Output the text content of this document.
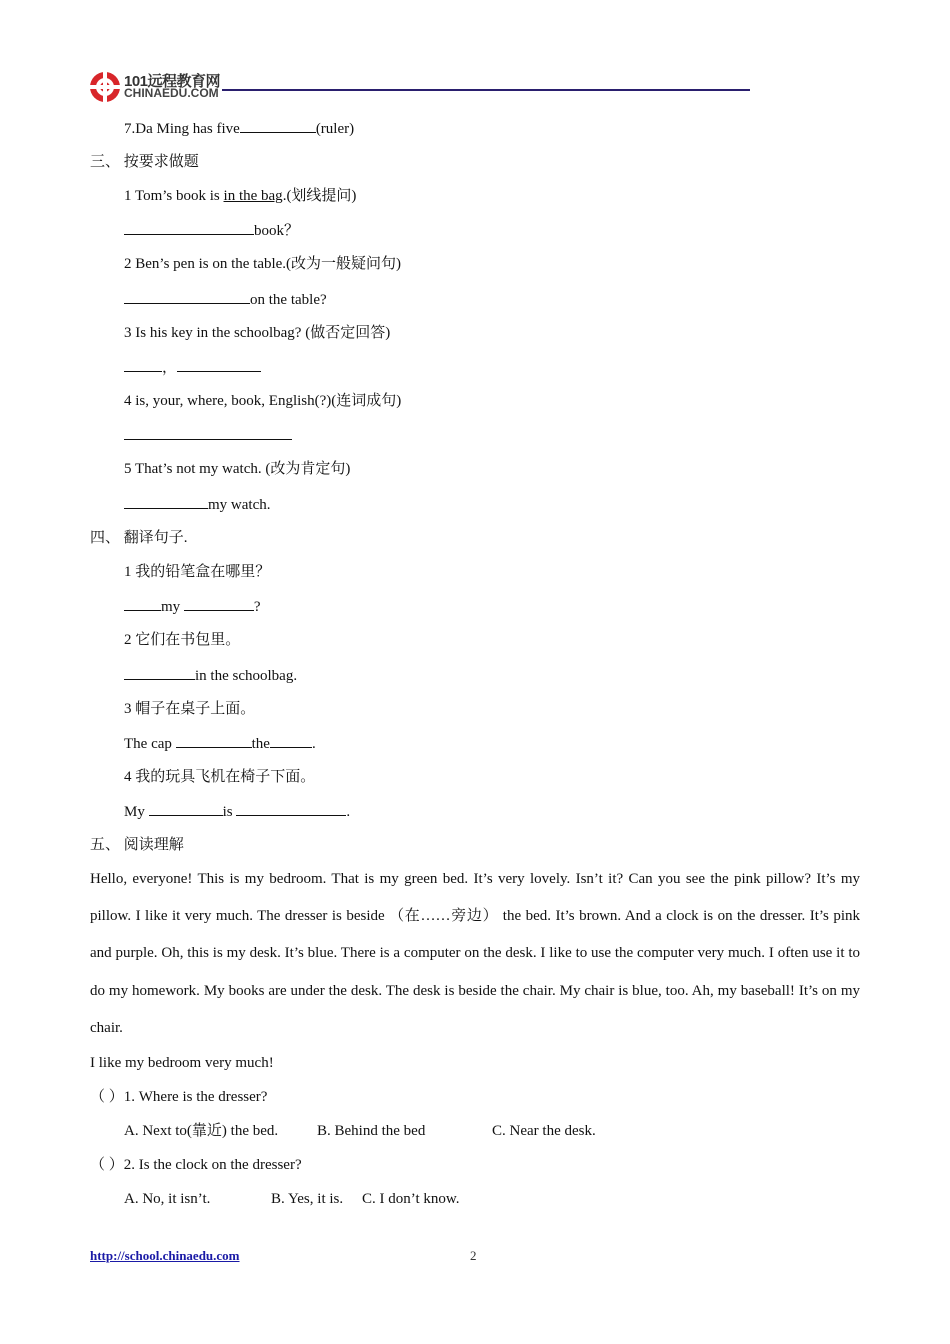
101远程教育网
CHINAEDU.COM
7.Da Ming has five	(ruler)
三、 按要求做题
1 Tom’s book is in the bag.(划线提问)
book？
2 Ben’s pen is on the table.(改为一般疑问句)
on the table?
3 Is his key in the schoolbag? (做否定回答)
，
4 is, your, where, book, English(?)(连词成句)
5 That’s not my watch. (改为肯定句)
my watch.
四、 翻译句子.
1 我的铅笔盒在哪里？
my	?
2 它们在书包里。
in the schoolbag.
3 帽子在桌子上面。
The cap	the	.
4 我的玩具飞机在椅子下面。
My	is	.
五、 阅读理解
Hello, everyone! This is my bedroom. That is my green bed. It’s very lovely. Isn’t it? Can you see the pink pillow? It’s my pillow. I like it very much. The dresser is beside （在……旁边） the bed. It’s brown. And a clock is on the dresser. It’s pink and purple. Oh, this is my desk. It’s blue. There is a computer on the desk. I like to use the computer very much. I often use it to do my homework. My books are under the desk. The desk is beside the chair. My chair is blue, too. Ah, my baseball! It’s on my chair.
I like my bedroom very much!
（ ）1. Where is the dresser?
A. Next to(靠近) the bed.	B. Behind the bed	C. Near the desk.
（ ）2. Is the clock on the dresser?
A. No, it isn’t.	B. Yes, it is. C. I don’t know.
http://school.chinaedu.com	2
